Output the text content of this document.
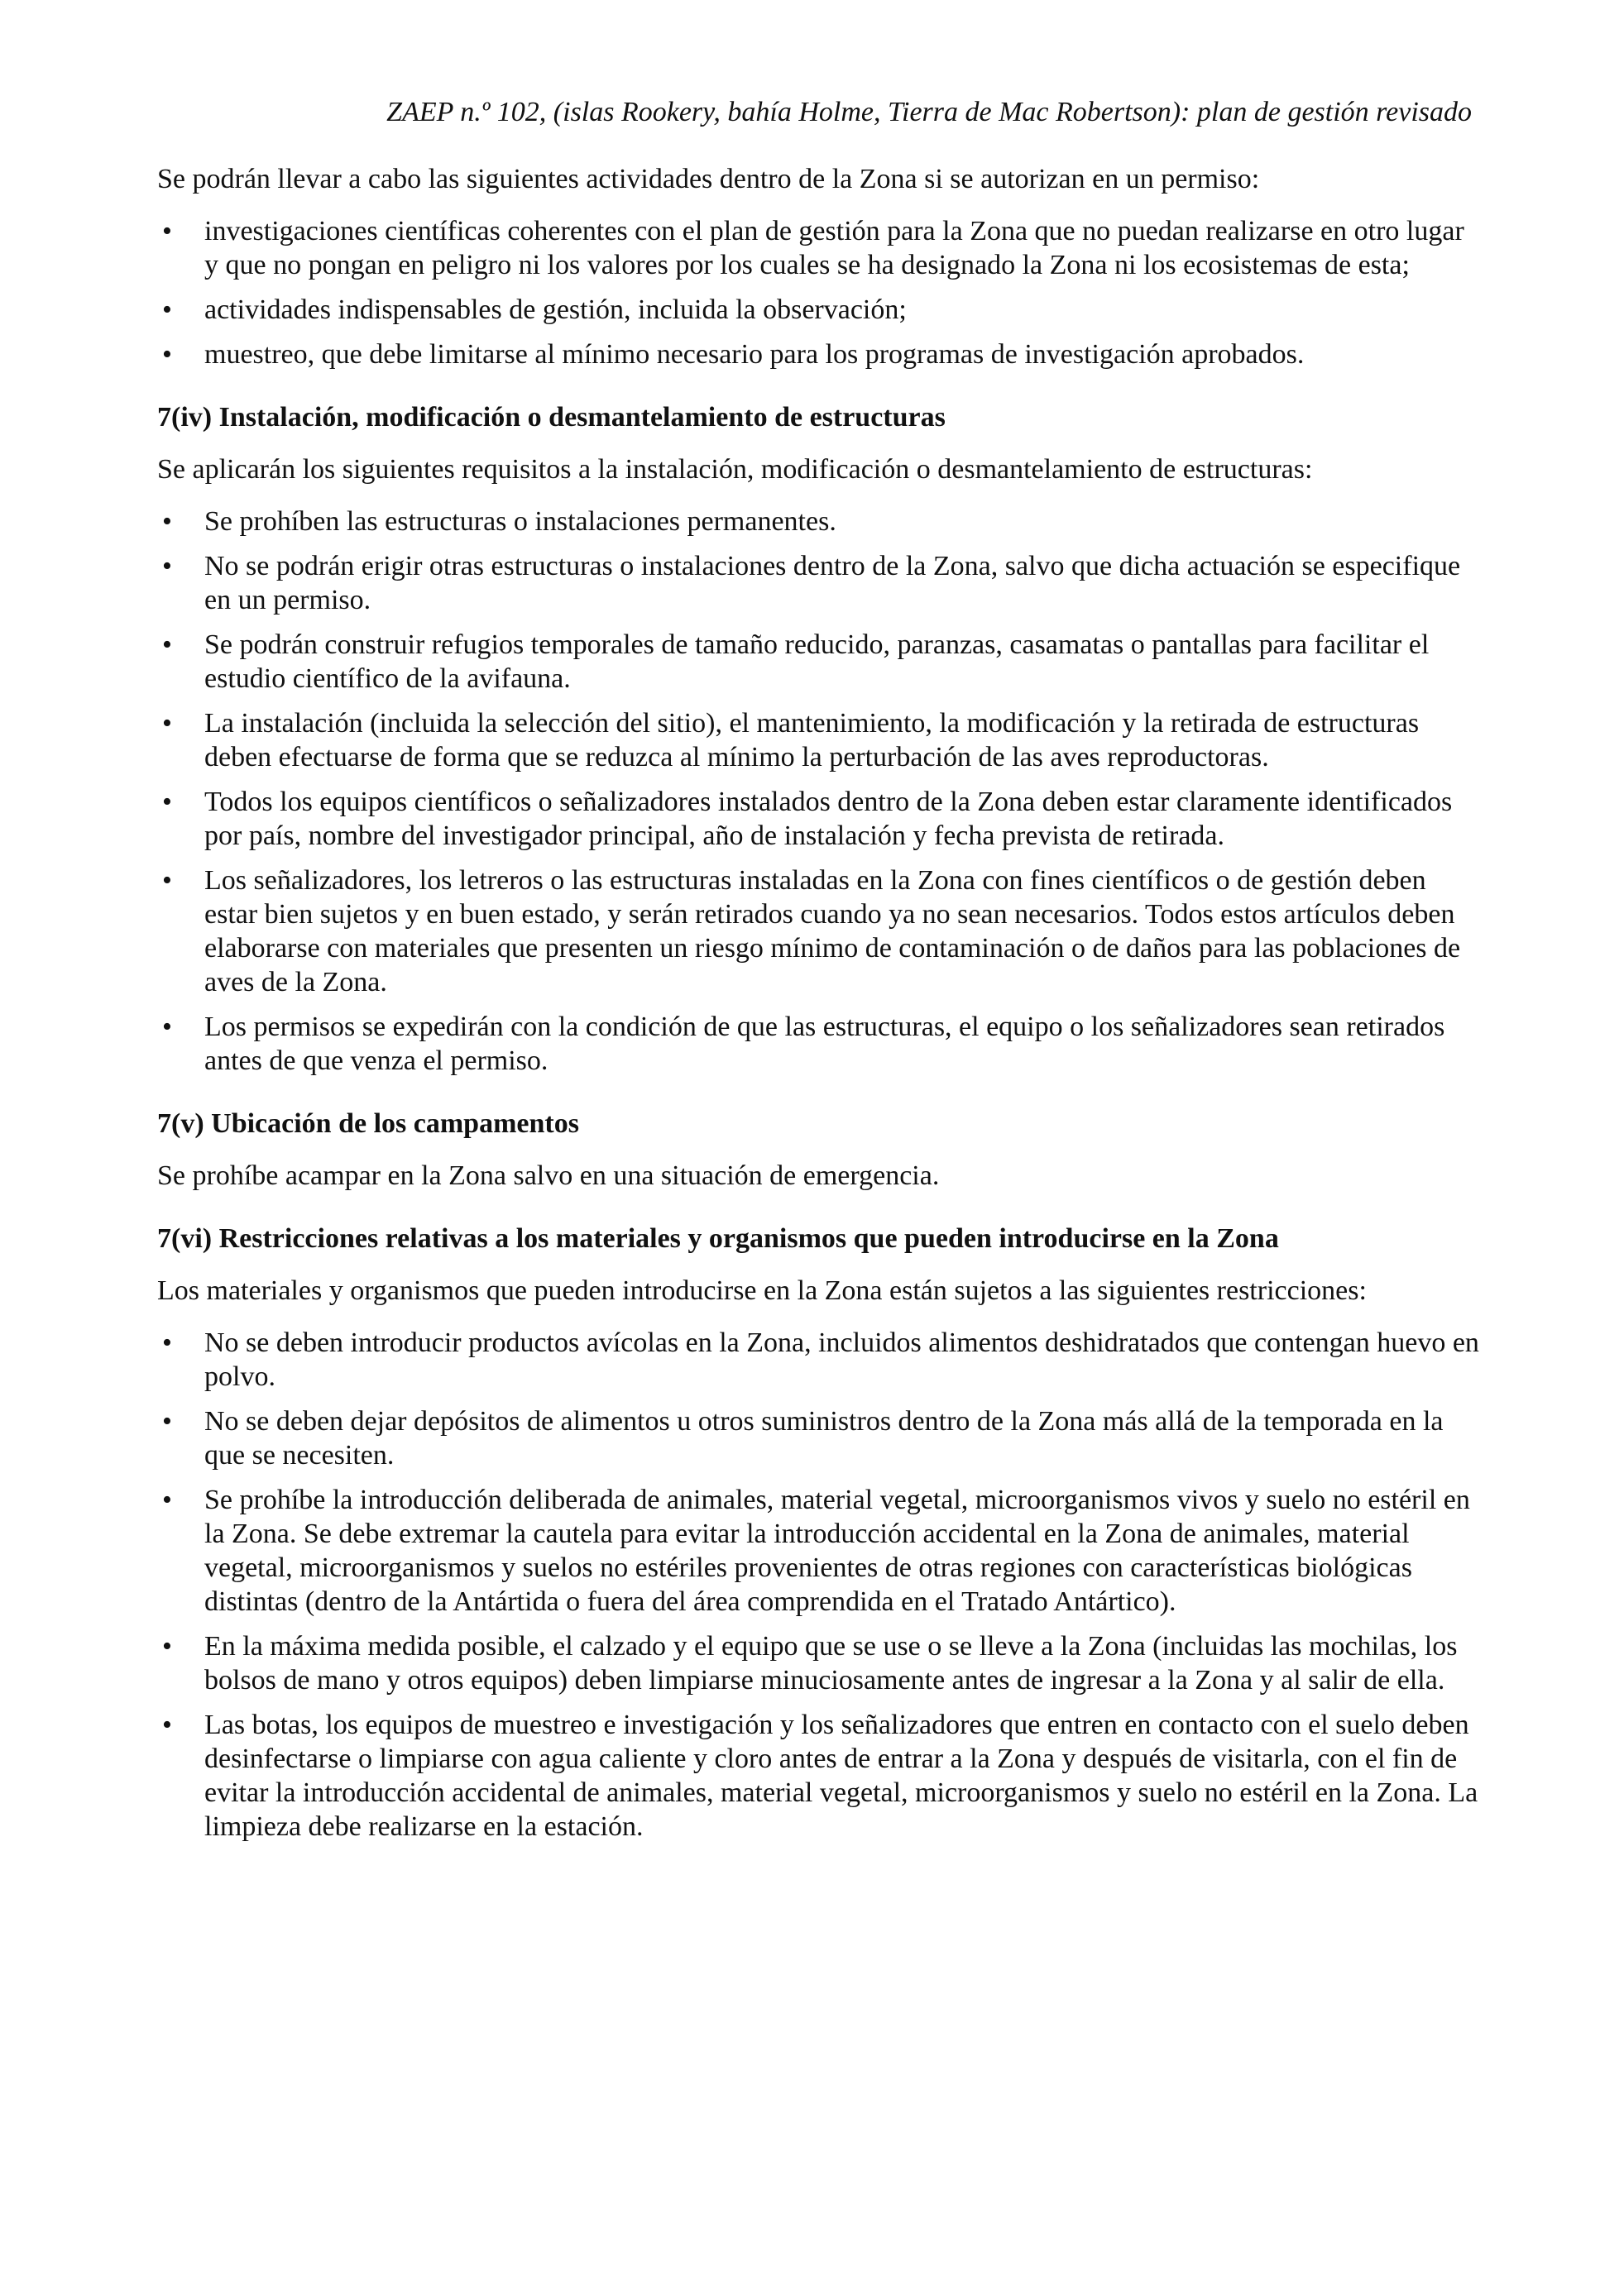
ZAEP n.º 102, (islas Rookery, bahía Holme, Tierra de Mac Robertson): plan de gestión revisado

Se podrán llevar a cabo las siguientes actividades dentro de la Zona si se autorizan en un permiso:

• investigaciones científicas coherentes con el plan de gestión para la Zona que no puedan realizarse en otro lugar y que no pongan en peligro ni los valores por los cuales se ha designado la Zona ni los ecosistemas de esta;
• actividades indispensables de gestión, incluida la observación;
• muestreo, que debe limitarse al mínimo necesario para los programas de investigación aprobados.
7(iv) Instalación, modificación o desmantelamiento de estructuras

Se aplicarán los siguientes requisitos a la instalación, modificación o desmantelamiento de estructuras:

• Se prohíben las estructuras o instalaciones permanentes.
• No se podrán erigir otras estructuras o instalaciones dentro de la Zona, salvo que dicha actuación se especifique en un permiso.
• Se podrán construir refugios temporales de tamaño reducido, paranzas, casamatas o pantallas para facilitar el estudio científico de la avifauna.
• La instalación (incluida la selección del sitio), el mantenimiento, la modificación y la retirada de estructuras deben efectuarse de forma que se reduzca al mínimo la perturbación de las aves reproductoras.
• Todos los equipos científicos o señalizadores instalados dentro de la Zona deben estar claramente identificados por país, nombre del investigador principal, año de instalación y fecha prevista de retirada.
• Los señalizadores, los letreros o las estructuras instaladas en la Zona con fines científicos o de gestión deben estar bien sujetos y en buen estado, y serán retirados cuando ya no sean necesarios. Todos estos artículos deben elaborarse con materiales que presenten un riesgo mínimo de contaminación o de daños para las poblaciones de aves de la Zona.
• Los permisos se expedirán con la condición de que las estructuras, el equipo o los señalizadores sean retirados antes de que venza el permiso.
7(v) Ubicación de los campamentos

Se prohíbe acampar en la Zona salvo en una situación de emergencia.

7(vi) Restricciones relativas a los materiales y organismos que pueden introducirse en la Zona

Los materiales y organismos que pueden introducirse en la Zona están sujetos a las siguientes restricciones:

• No se deben introducir productos avícolas en la Zona, incluidos alimentos deshidratados que contengan huevo en polvo.
• No se deben dejar depósitos de alimentos u otros suministros dentro de la Zona más allá de la temporada en la que se necesiten.
• Se prohíbe la introducción deliberada de animales, material vegetal, microorganismos vivos y suelo no estéril en la Zona. Se debe extremar la cautela para evitar la introducción accidental en la Zona de animales, material vegetal, microorganismos y suelos no estériles provenientes de otras regiones con características biológicas distintas (dentro de la Antártida o fuera del área comprendida en el Tratado Antártico).
• En la máxima medida posible, el calzado y el equipo que se use o se lleve a la Zona (incluidas las mochilas, los bolsos de mano y otros equipos) deben limpiarse minuciosamente antes de ingresar a la Zona y al salir de ella.
• Las botas, los equipos de muestreo e investigación y los señalizadores que entren en contacto con el suelo deben desinfectarse o limpiarse con agua caliente y cloro antes de entrar a la Zona y después de visitarla, con el fin de evitar la introducción accidental de animales, material vegetal, microorganismos y suelo no estéril en la Zona. La limpieza debe realizarse en la estación.
